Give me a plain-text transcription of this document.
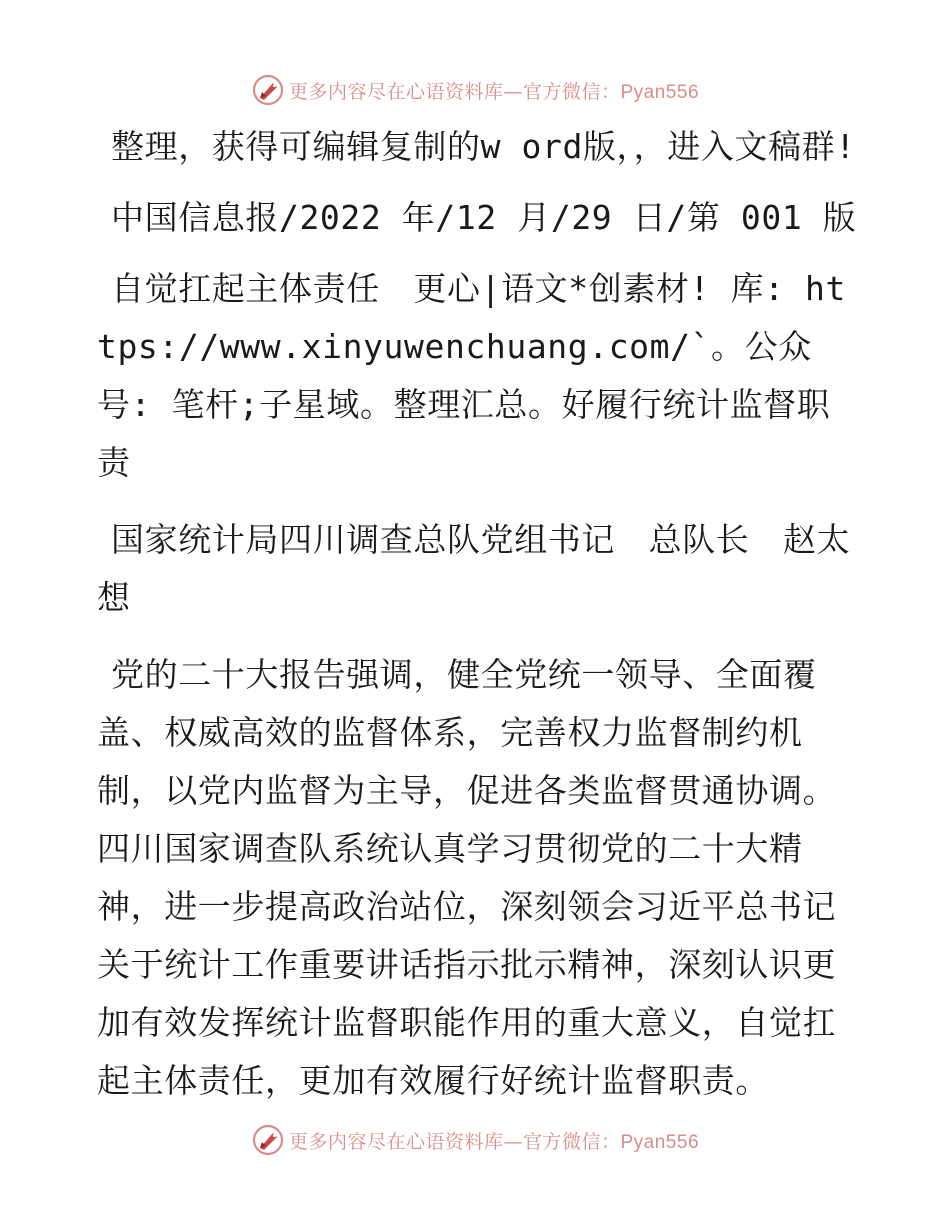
更多内容尽在心语资料库—官方微信：Pyan556

整理，获得可编辑复制的w ord版，，进入文稿群!

中国信息报/2022 年/12 月/29 日/第 001 版

自觉扛起主体责任　更心|语文*创素材! 库: https://www.xinyuwenchuang.com/`。公众号: 笔杆;子星域。整理汇总。好履行统计监督职责

国家统计局四川调查总队党组书记　总队长　赵太想

党的二十大报告强调，健全党统一领导、全面覆盖、权威高效的监督体系，完善权力监督制约机制，以党内监督为主导，促进各类监督贯通协调。四川国家调查队系统认真学习贯彻党的二十大精神，进一步提高政治站位，深刻领会习近平总书记关于统计工作重要讲话指示批示精神，深刻认识更加有效发挥统计监督职能作用的重大意义，自觉扛起主体责任，更加有效履行好统计监督职责。

更多内容尽在心语资料库—官方微信：Pyan556
